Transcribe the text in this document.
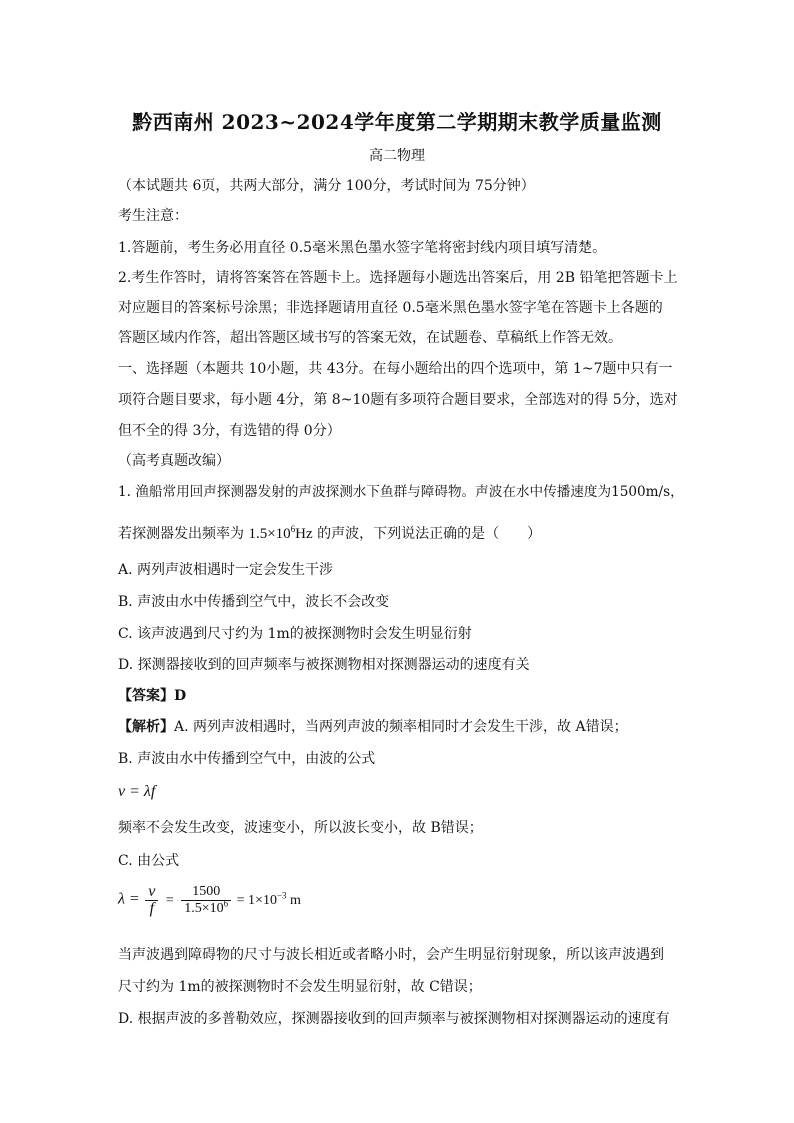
黔西南州 2023~2024学年度第二学期期末教学质量监测
高二物理
（本试题共 6页，共两大部分，满分 100分，考试时间为 75分钟）
考生注意：
1.答题前，考生务必用直径 0.5毫米黑色墨水签字笔将密封线内项目填写清楚。
2.考生作答时，请将答案答在答题卡上。选择题每小题选出答案后，用 2B 铅笔把答题卡上
对应题目的答案标号涂黑；非选择题请用直径 0.5毫米黑色墨水签字笔在答题卡上各题的
答题区域内作答，超出答题区域书写的答案无效，在试题卷、草稿纸上作答无效。
一、选择题（本题共 10小题，共 43分。在每小题给出的四个选项中，第 1~7题中只有一
项符合题目要求，每小题 4分，第 8~10题有多项符合题目要求，全部选对的得 5分，选对
但不全的得 3分，有选错的得 0分）
（高考真题改编）
1. 渔船常用回声探测器发射的声波探测水下鱼群与障碍物。声波在水中传播速度为1500m/s，
若探测器发出频率为 $1.5\times 10^6Hz$ 的声波，下列说法正确的是（　　）
A. 两列声波相遇时一定会发生干涉
B. 声波由水中传播到空气中，波长不会改变
C. 该声波遇到尺寸约为 1m的被探测物时会发生明显衍射
D. 探测器接收到的回声频率与被探测物相对探测器运动的速度有关
【答案】D
【解析】A. 两列声波相遇时，当两列声波的频率相同时才会发生干涉，故 A错误；
B. 声波由水中传播到空气中，由波的公式
v = λf
频率不会发生改变，波速变小，所以波长变小，故 B错误；
C. 由公式
$\lambda = \frac{v}{f} = \frac{1500}{1.5\times 10^6} = 1\times 10^{-3}$ m
当声波遇到障碍物的尺寸与波长相近或者略小时，会产生明显衍射现象，所以该声波遇到
尺寸约为 1m的被探测物时不会发生明显衍射，故 C错误；
D. 根据声波的多普勒效应，探测器接收到的回声频率与被探测物相对探测器运动的速度有
